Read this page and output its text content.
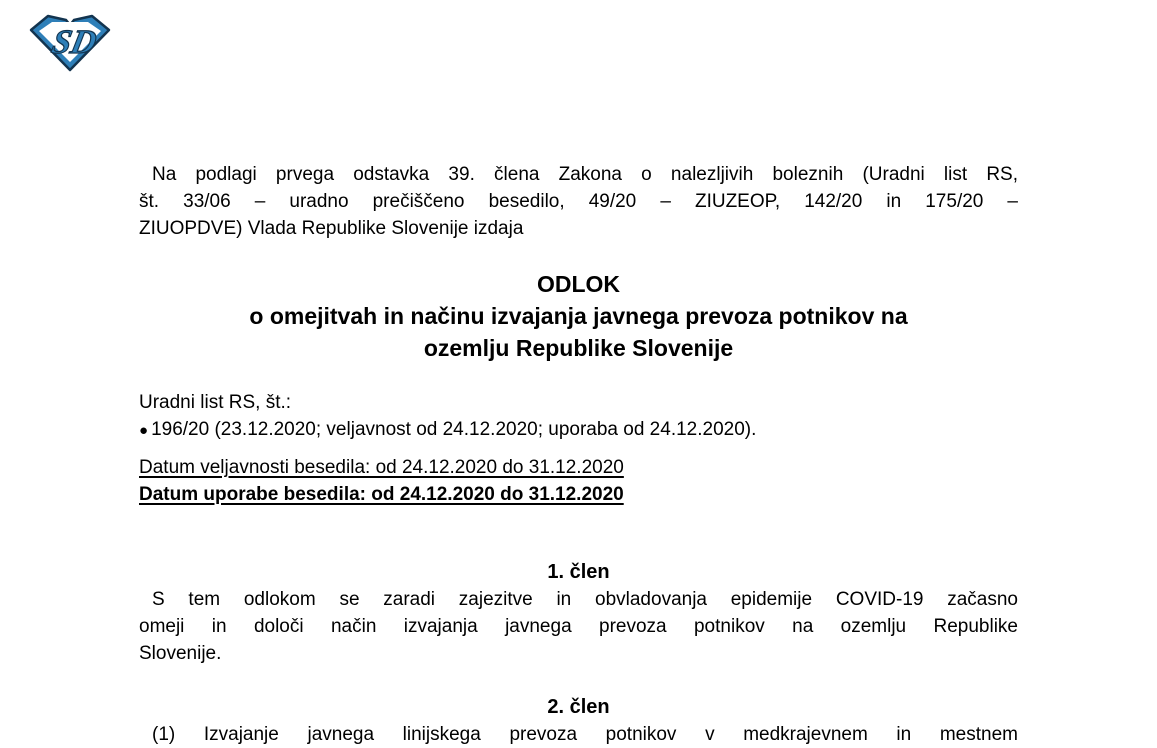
SD
Na podlagi prvega odstavka 39. člena Zakona o nalezljivih boleznih (Uradni list RS,
št. 33/06 – uradno prečiščeno besedilo, 49/20 – ZIUZEOP, 142/20 in 175/20 –
ZIUOPDVE) Vlada Republike Slovenije izdaja
ODLOK
o omejitvah in načinu izvajanja javnega prevoza potnikov na
ozemlju Republike Slovenije
Uradni list RS, št.:
● 196/20 (23.12.2020; veljavnost od 24.12.2020; uporaba od 24.12.2020).
Datum veljavnosti besedila: od 24.12.2020 do 31.12.2020
Datum uporabe besedila: od 24.12.2020 do 31.12.2020
1. člen
S tem odlokom se zaradi zajezitve in obvladovanja epidemije COVID-19 začasno
omeji in določi način izvajanja javnega prevoza potnikov na ozemlju Republike
Slovenije.
2. člen
(1) Izvajanje javnega linijskega prevoza potnikov v medkrajevnem in mestnem
